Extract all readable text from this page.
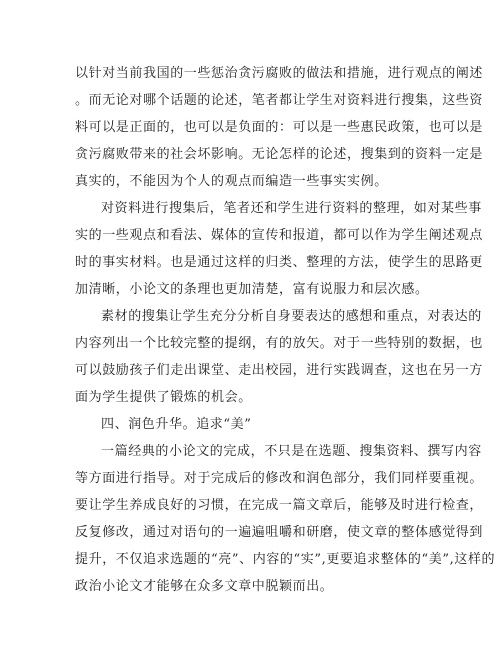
以针对当前我国的一些惩治贪污腐败的做法和措施，进行观点的阐述
。而无论对哪个话题的论述，笔者都让学生对资料进行搜集，这些资
料可以是正面的，也可以是负面的：可以是一些惠民政策，也可以是
贪污腐败带来的社会坏影响。无论怎样的论述，搜集到的资料一定是
真实的，不能因为个人的观点而编造一些事实实例。
对资料进行搜集后，笔者还和学生进行资料的整理，如对某些事
实的一些观点和看法、媒体的宣传和报道，都可以作为学生阐述观点
时的事实材料。也是通过这样的归类、整理的方法，使学生的思路更
加清晰，小论文的条理也更加清楚，富有说服力和层次感。
素材的搜集让学生充分分析自身要表达的感想和重点，对表达的
内容列出一个比较完整的提纲，有的放矢。对于一些特别的数据，也
可以鼓励孩子们走出课堂、走出校园，进行实践调查，这也在另一方
面为学生提供了锻炼的机会。
四、润色升华。追求“美”
一篇经典的小论文的完成，不只是在选题、搜集资料、撰写内容
等方面进行指导。对于完成后的修改和润色部分，我们同样要重视。
要让学生养成良好的习惯，在完成一篇文章后，能够及时进行检查，
反复修改，通过对语句的一遍遍咀嚼和研磨，使文章的整体感觉得到
提升，不仅追求选题的“亮”、内容的“实”,更要追求整体的“美”,这样的
政治小论文才能够在众多文章中脱颖而出。
